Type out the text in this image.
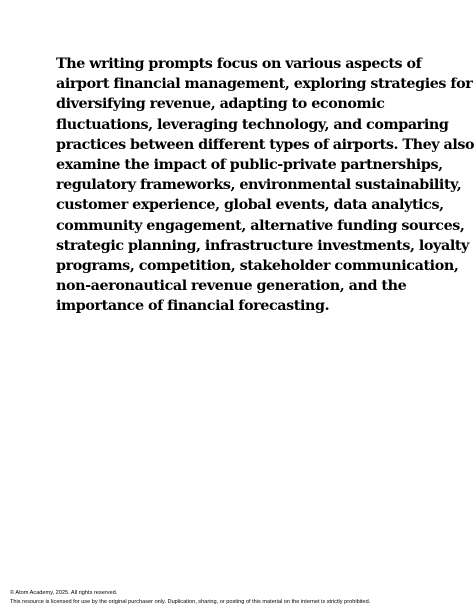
The writing prompts focus on various aspects of
airport financial management, exploring strategies for
diversifying revenue, adapting to economic
fluctuations, leveraging technology, and comparing
practices between different types of airports. They also
examine the impact of public-private partnerships,
regulatory frameworks, environmental sustainability,
customer experience, global events, data analytics,
community engagement, alternative funding sources,
strategic planning, infrastructure investments, loyalty
programs, competition, stakeholder communication,
non-aeronautical revenue generation, and the
importance of financial forecasting.

© Atom Academy, 2025. All rights reserved.
This resource is licensed for use by the original purchaser only. Duplication, sharing, or posting of this material on the internet is strictly prohibited.
